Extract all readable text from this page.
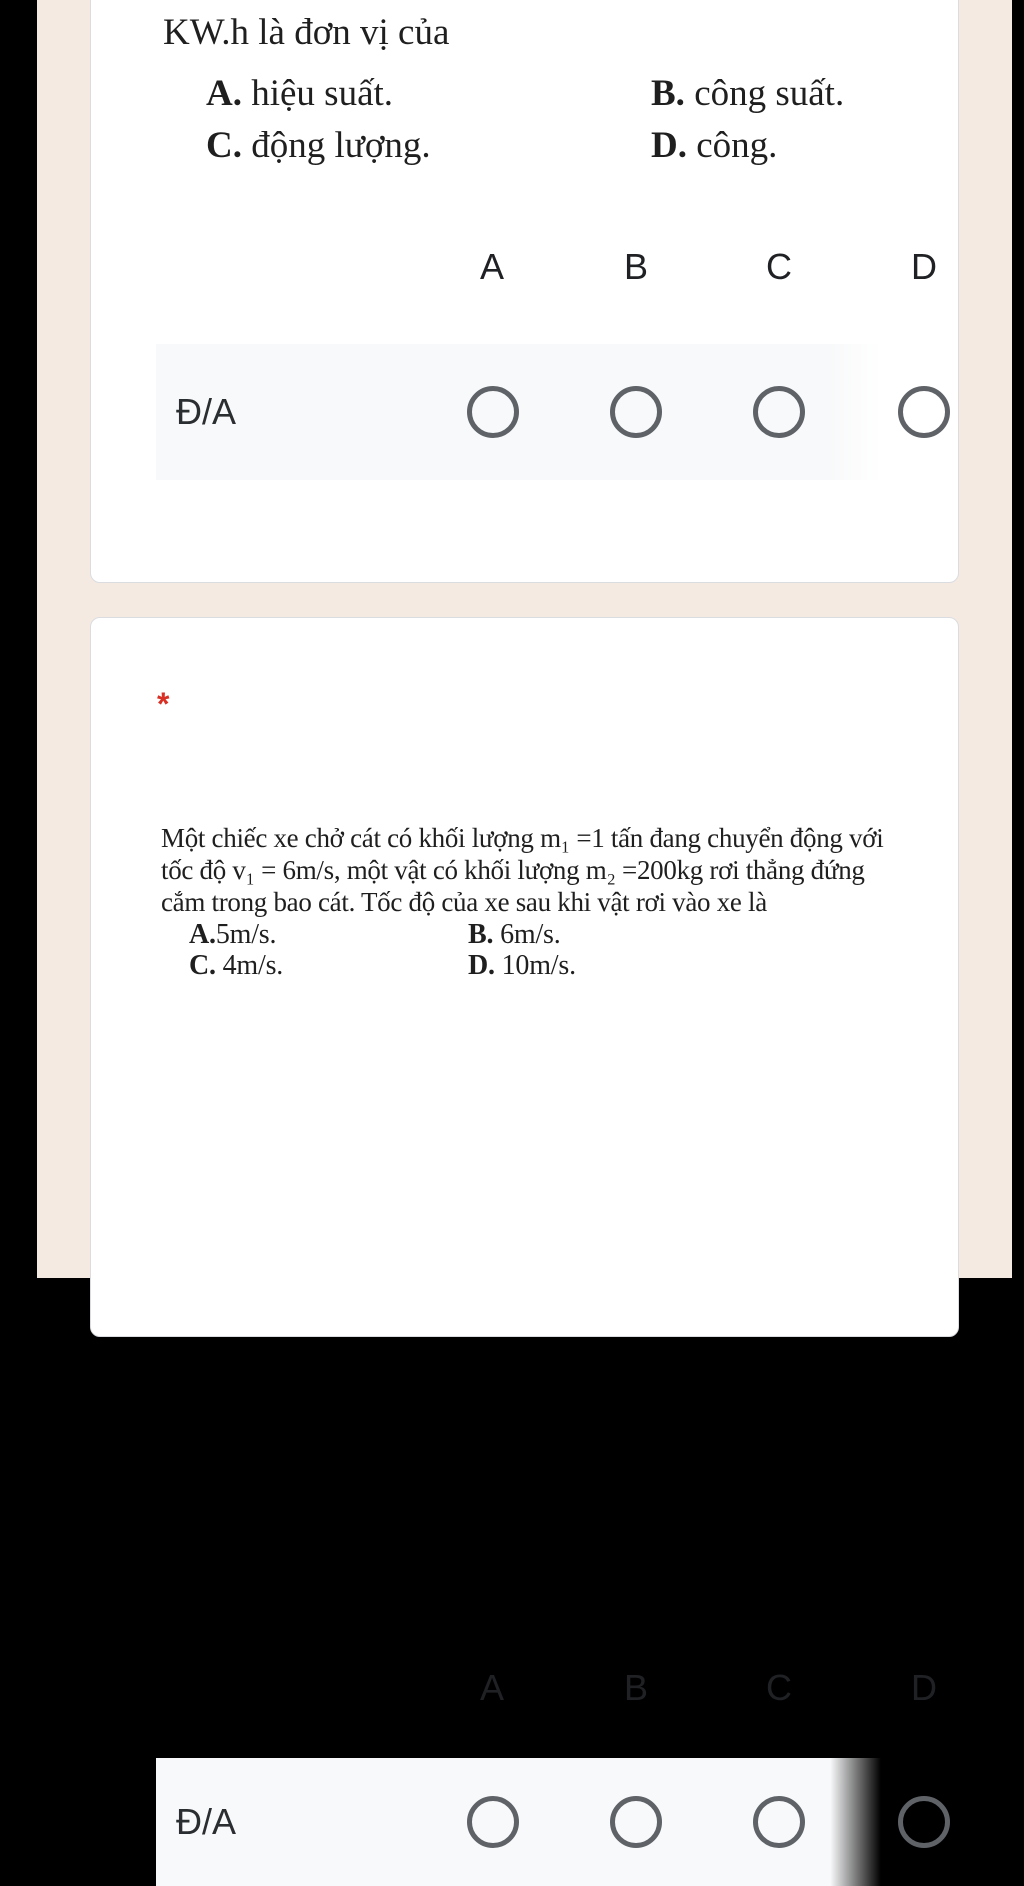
KW.h là đơn vị của
A. hiệu suất.	B. công suất.
C. động lượng.	D. công.
A	B	C	D
Đ/A
*
Một chiếc xe chở cát có khối lượng m₁ =1 tấn đang chuyển động với
tốc độ v₁ = 6m/s, một vật có khối lượng m₂ =200kg rơi thẳng đứng
cắm trong bao cát. Tốc độ của xe sau khi vật rơi vào xe là
A.5m/s.	B. 6m/s.
C. 4m/s.	D. 10m/s.
A	B	C	D
Đ/A
